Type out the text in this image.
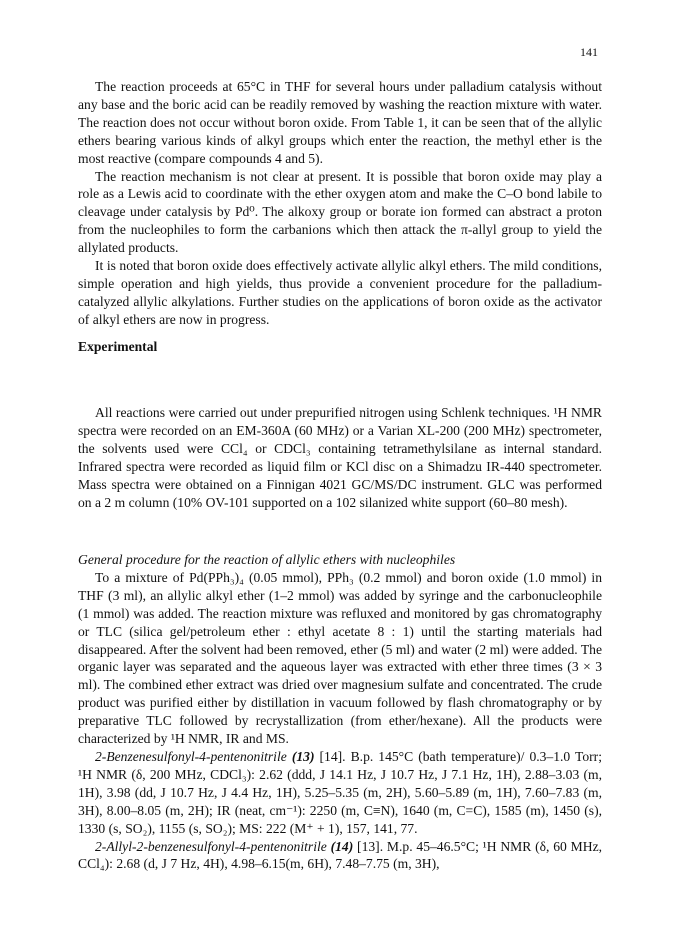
141

The reaction proceeds at 65°C in THF for several hours under palladium catalysis without any base and the boric acid can be readily removed by washing the reaction mixture with water. The reaction does not occur without boron oxide. From Table 1, it can be seen that of the allylic ethers bearing various kinds of alkyl groups which enter the reaction, the methyl ether is the most reactive (compare compounds 4 and 5).

The reaction mechanism is not clear at present. It is possible that boron oxide may play a role as a Lewis acid to coordinate with the ether oxygen atom and make the C–O bond labile to cleavage under catalysis by Pd⁰. The alkoxy group or borate ion formed can abstract a proton from the nucleophiles to form the carbanions which then attack the π-allyl group to yield the allylated products.

It is noted that boron oxide does effectively activate allylic alkyl ethers. The mild conditions, simple operation and high yields, thus provide a convenient procedure for the palladium-catalyzed allylic alkylations. Further studies on the applications of boron oxide as the activator of alkyl ethers are now in progress.

Experimental

All reactions were carried out under prepurified nitrogen using Schlenk techniques. ¹H NMR spectra were recorded on an EM-360A (60 MHz) or a Varian XL-200 (200 MHz) spectrometer, the solvents used were CCl₄ or CDCl₃ containing tetramethylsilane as internal standard. Infrared spectra were recorded as liquid film or KCl disc on a Shimadzu IR-440 spectrometer. Mass spectra were obtained on a Finnigan 4021 GC/MS/DC instrument. GLC was performed on a 2 m column (10% OV-101 supported on a 102 silanized white support (60–80 mesh).

General procedure for the reaction of allylic ethers with nucleophiles

To a mixture of Pd(PPh₃)₄ (0.05 mmol), PPh₃ (0.2 mmol) and boron oxide (1.0 mmol) in THF (3 ml), an allylic alkyl ether (1–2 mmol) was added by syringe and the carbonucleophile (1 mmol) was added. The reaction mixture was refluxed and monitored by gas chromatography or TLC (silica gel/petroleum ether : ethyl acetate 8 : 1) until the starting materials had disappeared. After the solvent had been removed, ether (5 ml) and water (2 ml) were added. The organic layer was separated and the aqueous layer was extracted with ether three times (3 × 3 ml). The combined ether extract was dried over magnesium sulfate and concentrated. The crude product was purified either by distillation in vacuum followed by flash chromatography or by preparative TLC followed by recrystallization (from ether/hexane). All the products were characterized by ¹H NMR, IR and MS.

2-Benzenesulfonyl-4-pentenonitrile (13) [14]. B.p. 145°C (bath temperature)/ 0.3–1.0 Torr; ¹H NMR (δ, 200 MHz, CDCl₃): 2.62 (ddd, J 14.1 Hz, J 10.7 Hz, J 7.1 Hz, 1H), 2.88–3.03 (m, 1H), 3.98 (dd, J 10.7 Hz, J 4.4 Hz, 1H), 5.25–5.35 (m, 2H), 5.60–5.89 (m, 1H), 7.60–7.83 (m, 3H), 8.00–8.05 (m, 2H); IR (neat, cm⁻¹): 2250 (m, C≡N), 1640 (m, C=C), 1585 (m), 1450 (s), 1330 (s, SO₂), 1155 (s, SO₂); MS: 222 (M⁺ + 1), 157, 141, 77.

2-Allyl-2-benzenesulfonyl-4-pentenonitrile (14) [13]. M.p. 45–46.5°C; ¹H NMR (δ, 60 MHz, CCl₄): 2.68 (d, J 7 Hz, 4H), 4.98–6.15(m, 6H), 7.48–7.75 (m, 3H),
